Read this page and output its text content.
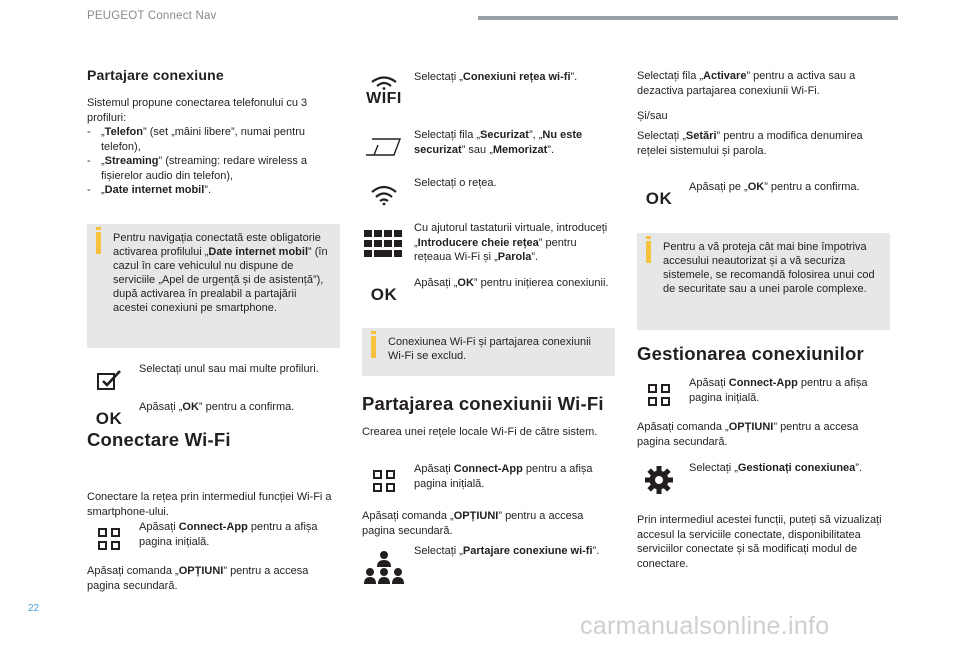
PEUGEOT Connect Nav
Partajare conexiune
Sistemul propune conectarea telefonului cu 3 profiluri:
- „Telefon” (set „mâini libere”, numai pentru telefon),
- „Streaming” (streaming: redare wireless a fișierelor audio din telefon),
- „Date internet mobil”.
Pentru navigația conectată este obligatorie activarea profilului „Date internet mobil” (în cazul în care vehiculul nu dispune de serviciile „Apel de urgență și de asistență”), după activarea în prealabil a partajării acestei conexiuni pe smartphone.
Selectați unul sau mai multe profiluri.
OK
Apăsați „OK” pentru a confirma.
Conectare Wi-Fi
Conectare la rețea prin intermediul funcției Wi-Fi a smartphone-ului.
Apăsați Connect-App pentru a afișa pagina inițială.
Apăsați comanda „OPȚIUNI” pentru a accesa pagina secundară.
WIFI
Selectați „Conexiuni rețea wi-fi”.
Selectați fila „Securizat”, „Nu este securizat” sau „Memorizat”.
Selectați o rețea.
Cu ajutorul tastaturii virtuale, introduceți „Introducere cheie rețea” pentru rețeaua Wi-Fi și „Parola”.
OK
Apăsați „OK” pentru inițierea conexiunii.
Conexiunea Wi-Fi și partajarea conexiunii Wi-Fi se exclud.
Partajarea conexiunii Wi-Fi
Crearea unei rețele locale Wi-Fi de către sistem.
Apăsați Connect-App pentru a afișa pagina inițială.
Apăsați comanda „OPȚIUNI” pentru a accesa pagina secundară.
Selectați „Partajare conexiune wi-fi”.
Selectați fila „Activare” pentru a activa sau a dezactiva partajarea conexiunii Wi-Fi.
Și/sau
Selectați „Setări” pentru a modifica denumirea rețelei sistemului și parola.
OK
Apăsați pe „OK” pentru a confirma.
Pentru a vă proteja cât mai bine împotriva accesului neautorizat și a vă securiza sistemele, se recomandă folosirea unui cod de securitate sau a unei parole complexe.
Gestionarea conexiunilor
Apăsați Connect-App pentru a afișa pagina inițială.
Apăsați comanda „OPȚIUNI” pentru a accesa pagina secundară.
Selectați „Gestionați conexiunea”.
Prin intermediul acestei funcții, puteți să vizualizați accesul la serviciile conectate, disponibilitatea serviciilor conectate și să modificați modul de conectare.
22
carmanualsonline.info
